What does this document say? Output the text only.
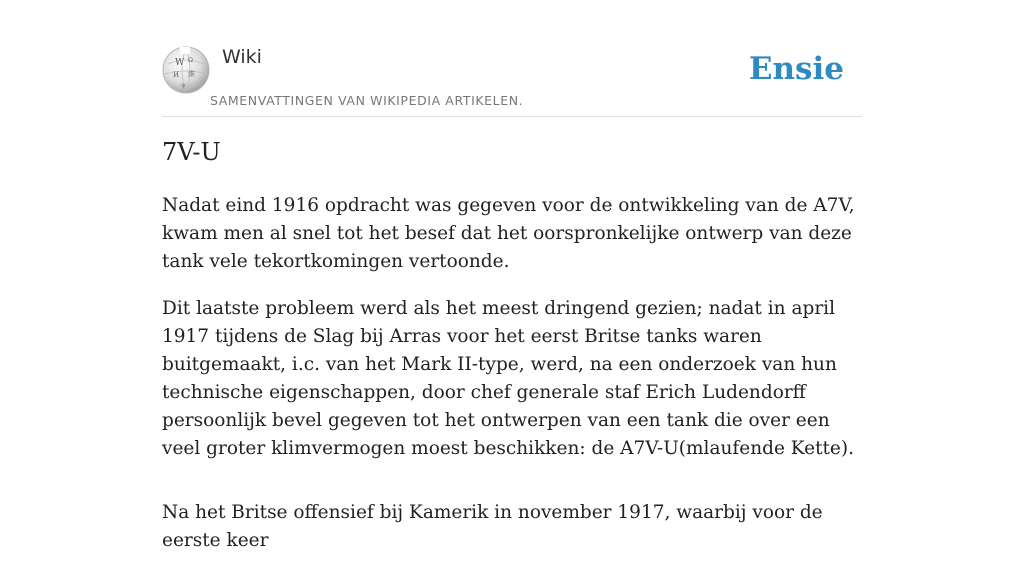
W Ω
И 維
ψ
Wiki
SAMENVATTINGEN VAN WIKIPEDIA ARTIKELEN.
Ensie
7V-U

Nadat eind 1916 opdracht was gegeven voor de ontwikkeling van de A7V, kwam men al snel tot het besef dat het oorspronkelijke ontwerp van deze tank vele tekortkomingen vertoonde.

Dit laatste probleem werd als het meest dringend gezien; nadat in april 1917 tijdens de Slag bij Arras voor het eerst Britse tanks waren buitgemaakt, i.c. van het Mark II-type, werd, na een onderzoek van hun technische eigenschappen, door chef generale staf Erich Ludendorff persoonlijk bevel gegeven tot het ontwerpen van een tank die over een veel groter klimvermogen moest beschikken: de A7V-U(mlaufende Kette).

Na het Britse offensief bij Kamerik in november 1917, waarbij voor de eerste keer
